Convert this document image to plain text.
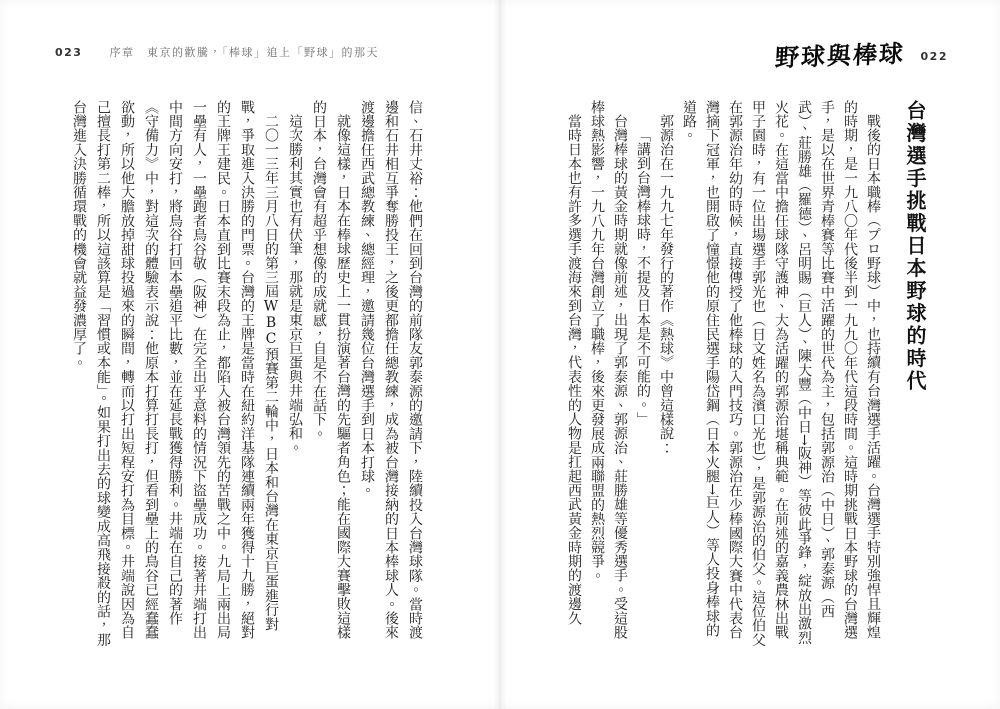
023 序章　東京的歡騰，「棒球」追上「野球」的那天

信、石井丈裕：他們在回到台灣的前隊友郭泰源的邀請下，陸續投入台灣球隊。當時渡邊和石井相互爭奪勝投王，之後更都擔任總教練，成為被台灣接納的日本棒球人。後來渡邊擔任西武總教練、總經理，邀請幾位台灣選手到日本打球。

就像這樣，日本在棒球歷史上一貫扮演著台灣的先驅者角色；能在國際大賽擊敗這樣的日本，台灣會有超乎想像的成就感，自是不在話下。

這次勝利其實也有伏筆，那就是東京巨蛋與井端弘和。

二〇一三年三月八日的第三屆WBC預賽第二輪中，日本和台灣在東京巨蛋進行對戰，爭取進入決勝的門票。台灣的王牌是當時在紐約洋基隊連續兩年獲得十九勝，絕對的王牌王建民。日本直到比賽末段為止，都陷入被台灣領先的苦戰之中。九局上兩出局一壘有人，一壘跑者鳥谷敬（阪神）在完全出乎意料的情況下盜壘成功。接著井端打出中間方向安打，將鳥谷打回本壘追平比數，並在延長戰獲得勝利。井端在自己的著作《守備力》中，對這次的體驗表示說：他原本打算打長打，但看到壘上的鳥谷已經蠢蠢欲動，所以他大膽放掉甜球投過來的瞬間，轉而以打出短程安打為目標。井端說因為自己擅長打第二棒，所以這該算是「習慣或本能」。如果打出去的球變成高飛接殺的話，那台灣進入決勝循環戰的機會就益發濃厚了。

野球與棒球 022
台灣選手挑戰日本野球的時代

戰後的日本職棒（プロ野球）中，也持續有台灣選手活躍。台灣選手特別強悍且輝煌的時期，是一九八〇年代後半到一九九〇年代這段時間。這時期挑戰日本野球的台灣選手，是以在世界青棒賽等比賽中活躍的世代為主，包括郭源治（中日）、郭泰源（西武）、莊勝雄（羅德）、呂明賜（巨人）、陳大豐（中日→阪神）等彼此爭鋒，綻放出激烈火花。在這當中擔任球隊守護神、大為活躍的郭源治堪稱典範。在前述的嘉義農林出戰甲子園時，有一位出場選手郭光也（日文姓名為濱口光也），是郭源治的伯父。這位伯父在郭源治年幼的時候，直接傳授了他棒球的入門技巧。郭源治在少棒國際大賽中代表台灣摘下冠軍，也開啟了憧憬他的原住民選手陽岱鋼（日本火腿→巨人）等人投身棒球的道路。

郭源治在一九九七年發行的著作《熱球》中曾這樣說：

「講到台灣棒球時，不提及日本是不可能的。」

台灣棒球的黃金時期就像前述，出現了郭泰源、郭源治、莊勝雄等優秀選手。受這股棒球熱影響，一九八九年台灣創立了職棒，後來更發展成兩聯盟的熱烈競爭。

當時日本也有許多選手渡海來到台灣，代表性的人物是扛起西武黃金時期的渡邊久
